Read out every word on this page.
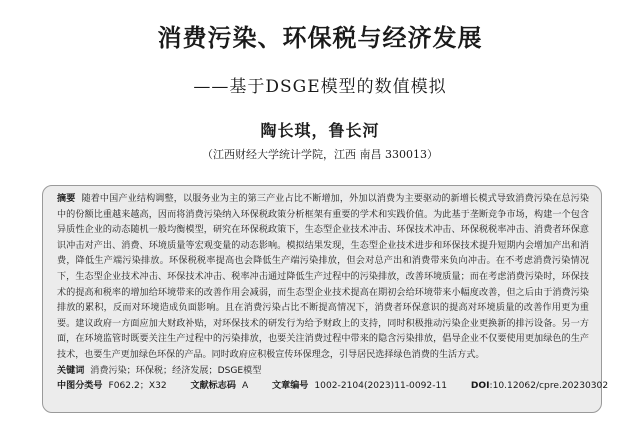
消费污染、环保税与经济发展
——基于DSGE模型的数值模拟
陶长琪，鲁长河
（江西财经大学统计学院，江西 南昌 330013）

摘要 随着中国产业结构调整，以服务业为主的第三产业占比不断增加，外加以消费为主要驱动的新增长模式导致消费污染在总污染中的份额比重越来越高，因而将消费污染纳入环保税政策分析框架有重要的学术和实践价值。为此基于垄断竞争市场，构建一个包含异质性企业的动态随机一般均衡模型，研究在环保税政策下，生态型企业技术冲击、环保技术冲击、环保税税率冲击、消费者环保意识冲击对产出、消费、环境质量等宏观变量的动态影响。模拟结果发现，生态型企业技术进步和环保技术提升短期内会增加产出和消费，降低生产端污染排放。环保税税率提高也会降低生产端污染排放，但会对总产出和消费带来负向冲击。在不考虑消费污染情况下，生态型企业技术冲击、环保技术冲击、税率冲击通过降低生产过程中的污染排放，改善环境质量；而在考虑消费污染时，环保技术的提高和税率的增加给环境带来的改善作用会减弱，而生态型企业技术提高在期初会给环境带来小幅度改善，但之后由于消费污染排放的累积，反而对环境造成负面影响。且在消费污染占比不断提高情况下，消费者环保意识的提高对环境质量的改善作用更为重要。建议政府一方面应加大财政补贴，对环保技术的研发行为给予财政上的支持，同时积极推动污染企业更换新的排污设备。另一方面，在环境监管时既要关注生产过程中的污染排放，也要关注消费过程中带来的隐含污染排放，倡导企业不仅要使用更加绿色的生产技术，也要生产更加绿色环保的产品。同时政府应积极宣传环保理念，引导居民选择绿色消费的生活方式。

关键词 消费污染；环保税；经济发展；DSGE模型
中图分类号 F062.2；X32	文献标志码 A	文章编号 1002-2104(2023)11-0092-11	DOI:10.12062/cpre.20230302
